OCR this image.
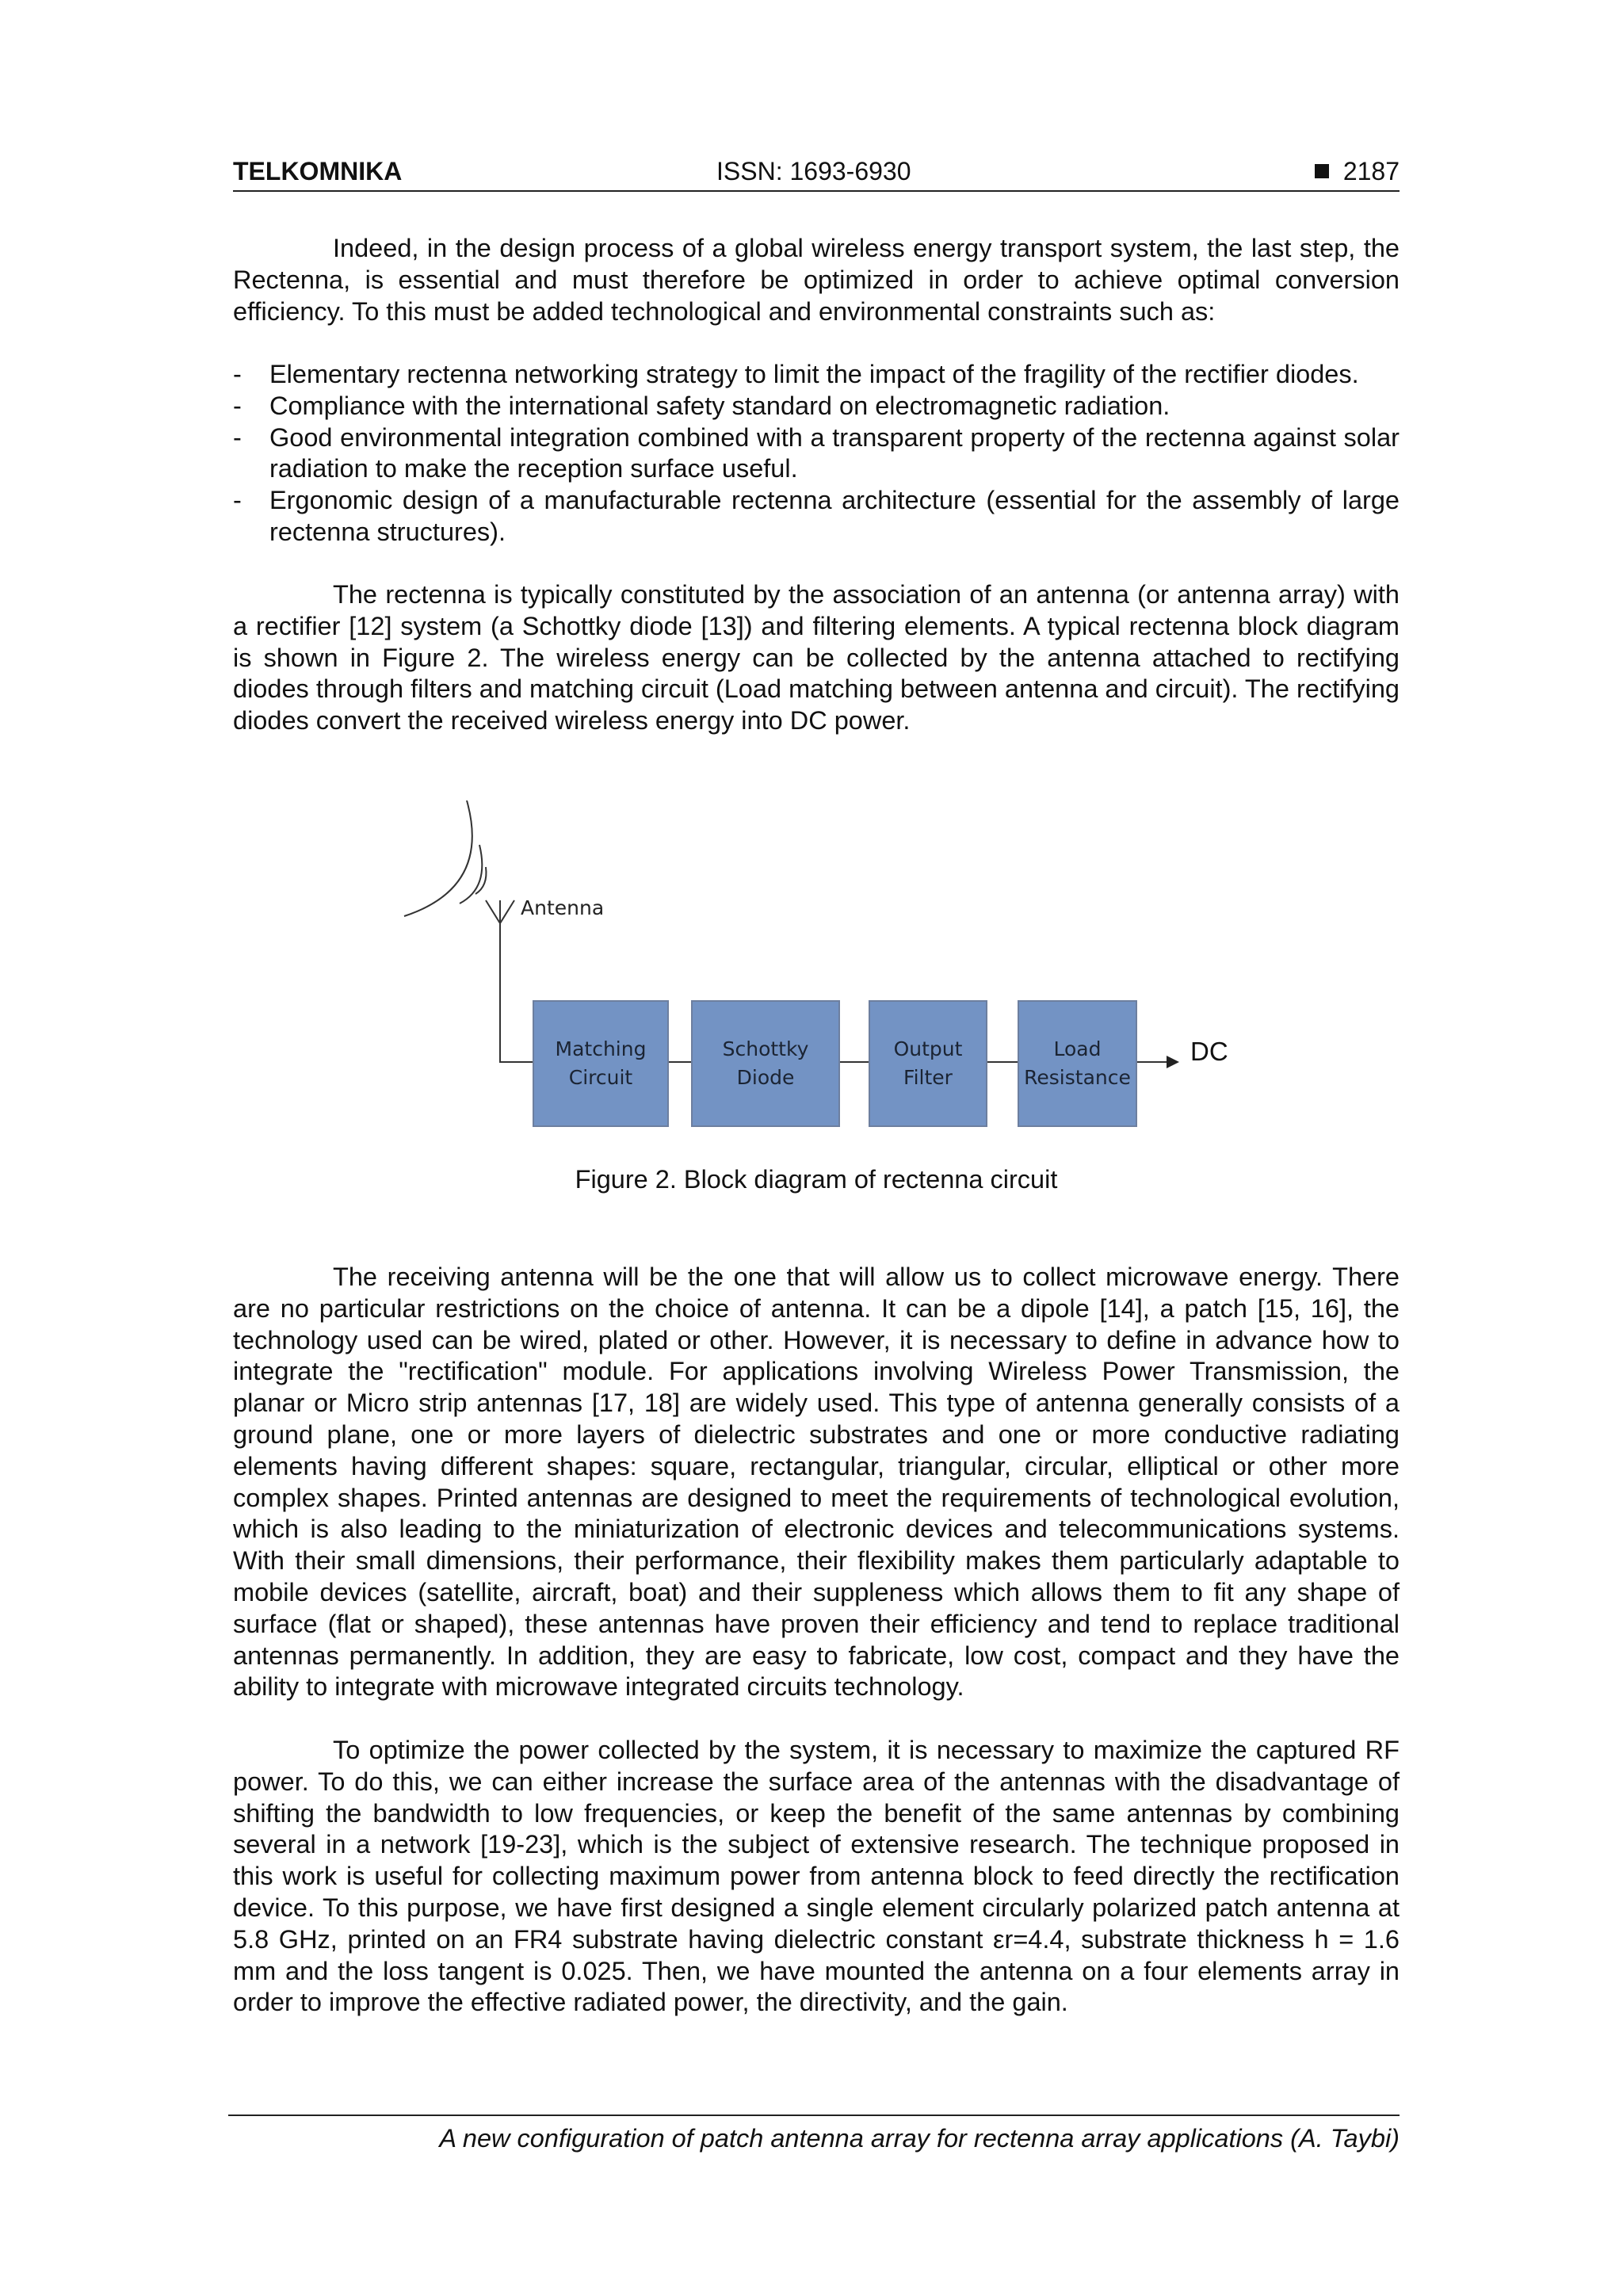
TELKOMNIKA	ISSN: 1693-6930	2187

Indeed, in the design process of a global wireless energy transport system, the last step, the Rectenna, is essential and must therefore be optimized in order to achieve optimal conversion efficiency. To this must be added technological and environmental constraints such as:

- Elementary rectenna networking strategy to limit the impact of the fragility of the rectifier diodes.
- Compliance with the international safety standard on electromagnetic radiation.
- Good environmental integration combined with a transparent property of the rectenna against solar radiation to make the reception surface useful.
- Ergonomic design of a manufacturable rectenna architecture (essential for the assembly of large rectenna structures).

The rectenna is typically constituted by the association of an antenna (or antenna array) with a rectifier [12] system (a Schottky diode [13]) and filtering elements. A typical rectenna block diagram is shown in Figure 2. The wireless energy can be collected by the antenna attached to rectifying diodes through filters and matching circuit (Load matching between antenna and circuit). The rectifying diodes convert the received wireless energy into DC power.

Antenna
Matching
Circuit
Schottky
Diode
Output
Filter
Load
Resistance
DC
Figure 2. Block diagram of rectenna circuit

The receiving antenna will be the one that will allow us to collect microwave energy. There are no particular restrictions on the choice of antenna. It can be a dipole [14], a patch [15, 16], the technology used can be wired, plated or other. However, it is necessary to define in advance how to integrate the "rectification" module. For applications involving Wireless Power Transmission, the planar or Micro strip antennas [17, 18] are widely used. This type of antenna generally consists of a ground plane, one or more layers of dielectric substrates and one or more conductive radiating elements having different shapes: square, rectangular, triangular, circular, elliptical or other more complex shapes. Printed antennas are designed to meet the requirements of technological evolution, which is also leading to the miniaturization of electronic devices and telecommunications systems. With their small dimensions, their performance, their flexibility makes them particularly adaptable to mobile devices (satellite, aircraft, boat) and their suppleness which allows them to fit any shape of surface (flat or shaped), these antennas have proven their efficiency and tend to replace traditional antennas permanently. In addition, they are easy to fabricate, low cost, compact and they have the ability to integrate with microwave integrated circuits technology.

To optimize the power collected by the system, it is necessary to maximize the captured RF power. To do this, we can either increase the surface area of the antennas with the disadvantage of shifting the bandwidth to low frequencies, or keep the benefit of the same antennas by combining several in a network [19-23], which is the subject of extensive research. The technique proposed in this work is useful for collecting maximum power from antenna block to feed directly the rectification device. To this purpose, we have first designed a single element circularly polarized patch antenna at 5.8 GHz, printed on an FR4 substrate having dielectric constant εr=4.4, substrate thickness h = 1.6 mm and the loss tangent is 0.025. Then, we have mounted the antenna on a four elements array in order to improve the effective radiated power, the directivity, and the gain.

A new configuration of patch antenna array for rectenna array applications (A. Taybi)
